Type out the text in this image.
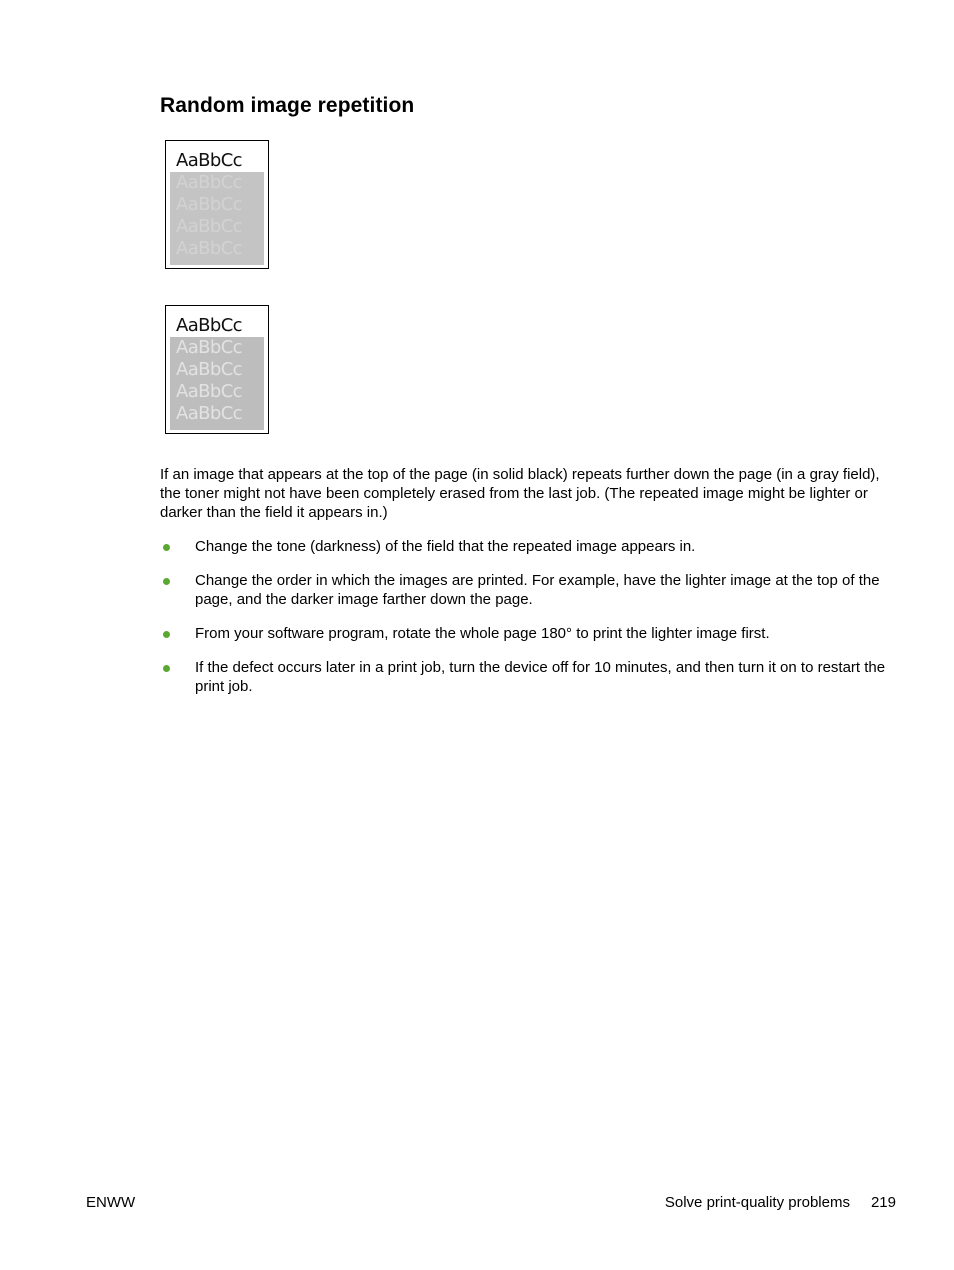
Random image repetition
AaBbCc
AaBbCc
AaBbCc
AaBbCc
AaBbCc
AaBbCc
AaBbCc
AaBbCc
AaBbCc
AaBbCc

If an image that appears at the top of the page (in solid black) repeats further down the page (in a gray field), the toner might not have been completely erased from the last job. (The repeated image might be lighter or darker than the field it appears in.)

Change the tone (darkness) of the field that the repeated image appears in.
Change the order in which the images are printed. For example, have the lighter image at the top of the page, and the darker image farther down the page.
From your software program, rotate the whole page 180° to print the lighter image first.
If the defect occurs later in a print job, turn the device off for 10 minutes, and then turn it on to restart the print job.
ENWW	Solve print-quality problems 219
